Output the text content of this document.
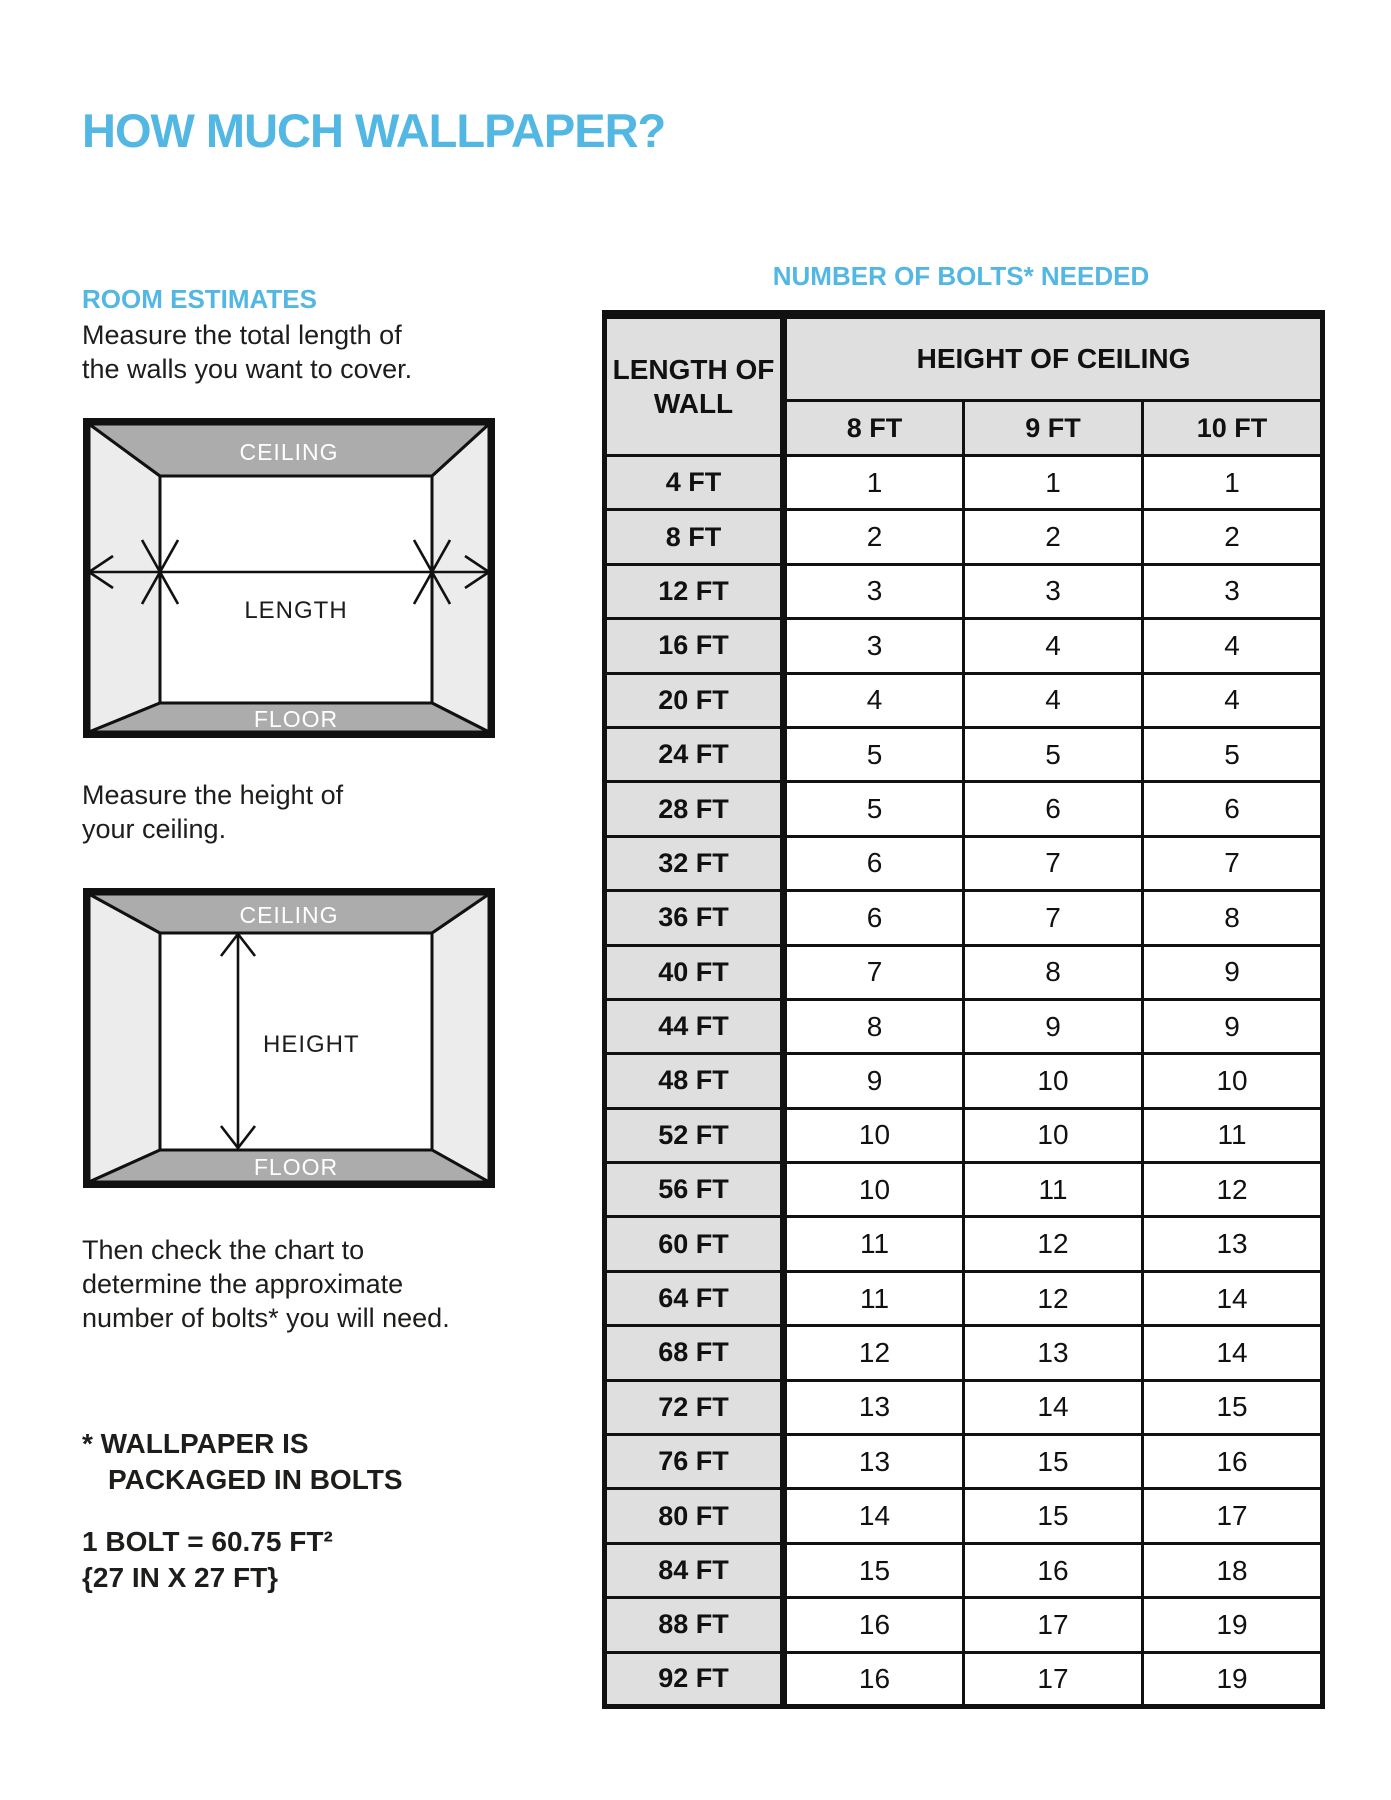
HOW MUCH WALLPAPER?
ROOM ESTIMATES
Measure the total length of
the walls you want to cover.
CEILING
FLOOR
LENGTH
Measure the height of
your ceiling.
CEILING
FLOOR
HEIGHT
Then check the chart to
determine the approximate
number of bolts* you will need.
* WALLPAPER IS
PACKAGED IN BOLTS
1 BOLT = 60.75 FT²
{27 IN X 27 FT}
NUMBER OF BOLTS* NEEDED
LENGTH OF WALL	HEIGHT OF CEILING		
	8 FT	9 FT	10 FT
4 FT	1	1	1
8 FT	2	2	2
12 FT	3	3	3
16 FT	3	4	4
20 FT	4	4	4
24 FT	5	5	5
28 FT	5	6	6
32 FT	6	7	7
36 FT	6	7	8
40 FT	7	8	9
44 FT	8	9	9
48 FT	9	10	10
52 FT	10	10	11
56 FT	10	11	12
60 FT	11	12	13
64 FT	11	12	14
68 FT	12	13	14
72 FT	13	14	15
76 FT	13	15	16
80 FT	14	15	17
84 FT	15	16	18
88 FT	16	17	19
92 FT	16	17	19
